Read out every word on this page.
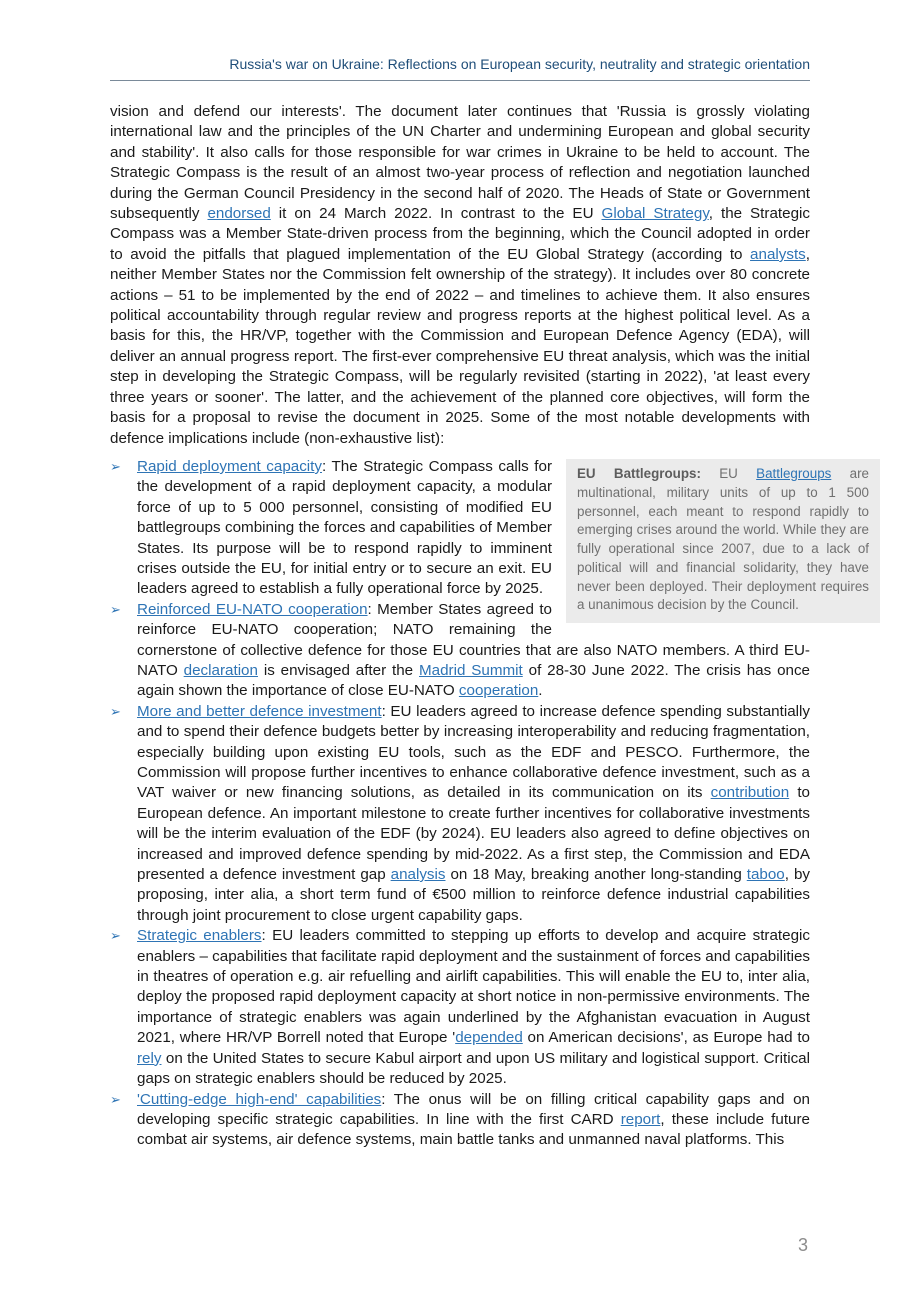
Russia's war on Ukraine: Reflections on European security, neutrality and strategic orientation

vision and defend our interests'. The document later continues that 'Russia is grossly violating international law and the principles of the UN Charter and undermining European and global security and stability'. It also calls for those responsible for war crimes in Ukraine to be held to account. The Strategic Compass is the result of an almost two-year process of reflection and negotiation launched during the German Council Presidency in the second half of 2020. The Heads of State or Government subsequently endorsed it on 24 March 2022. In contrast to the EU Global Strategy, the Strategic Compass was a Member State-driven process from the beginning, which the Council adopted in order to avoid the pitfalls that plagued implementation of the EU Global Strategy (according to analysts, neither Member States nor the Commission felt ownership of the strategy). It includes over 80 concrete actions – 51 to be implemented by the end of 2022 – and timelines to achieve them. It also ensures political accountability through regular review and progress reports at the highest political level. As a basis for this, the HR/VP, together with the Commission and European Defence Agency (EDA), will deliver an annual progress report. The first-ever comprehensive EU threat analysis, which was the initial step in developing the Strategic Compass, will be regularly revisited (starting in 2022), 'at least every three years or sooner'. The latter, and the achievement of the planned core objectives, will form the basis for a proposal to revise the document in 2025. Some of the most notable developments with defence implications include (non-exhaustive list):

➢	EU Battlegroups: EU Battlegroups are multinational, military units of up to 1 500 personnel, each meant to respond rapidly to emerging crises around the world. While they are fully operational since 2007, due to a lack of political will and financial solidarity, they have never been deployed. Their deployment requires a unanimous decision by the Council.
Rapid deployment capacity: The Strategic Compass calls for the development of a rapid deployment capacity, a modular force of up to 5 000 personnel, consisting of modified EU battlegroups combining the forces and capabilities of Member States. Its purpose will be to respond rapidly to imminent crises outside the EU, for initial entry or to secure an exit. EU leaders agreed to establish a fully operational force by 2025.
➢ Reinforced EU-NATO cooperation: Member States agreed to reinforce EU-NATO cooperation; NATO remaining the cornerstone of collective defence for those EU countries that are also NATO members. A third EU-NATO declaration is envisaged after the Madrid Summit of 28-30 June 2022. The crisis has once again shown the importance of close EU-NATO cooperation.
➢ More and better defence investment: EU leaders agreed to increase defence spending substantially and to spend their defence budgets better by increasing interoperability and reducing fragmentation, especially building upon existing EU tools, such as the EDF and PESCO. Furthermore, the Commission will propose further incentives to enhance collaborative defence investment, such as a VAT waiver or new financing solutions, as detailed in its communication on its contribution to European defence. An important milestone to create further incentives for collaborative investments will be the interim evaluation of the EDF (by 2024). EU leaders also agreed to define objectives on increased and improved defence spending by mid-2022. As a first step, the Commission and EDA presented a defence investment gap analysis on 18 May, breaking another long-standing taboo, by proposing, inter alia, a short term fund of €500 million to reinforce defence industrial capabilities through joint procurement to close urgent capability gaps.
➢ Strategic enablers: EU leaders committed to stepping up efforts to develop and acquire strategic enablers – capabilities that facilitate rapid deployment and the sustainment of forces and capabilities in theatres of operation e.g. air refuelling and airlift capabilities. This will enable the EU to, inter alia, deploy the proposed rapid deployment capacity at short notice in non-permissive environments. The importance of strategic enablers was again underlined by the Afghanistan evacuation in August 2021, where HR/VP Borrell noted that Europe 'depended on American decisions', as Europe had to rely on the United States to secure Kabul airport and upon US military and logistical support. Critical gaps on strategic enablers should be reduced by 2025.
➢ 'Cutting-edge high-end' capabilities: The onus will be on filling critical capability gaps and on developing specific strategic capabilities. In line with the first CARD report, these include future combat air systems, air defence systems, main battle tanks and unmanned naval platforms. This
3
